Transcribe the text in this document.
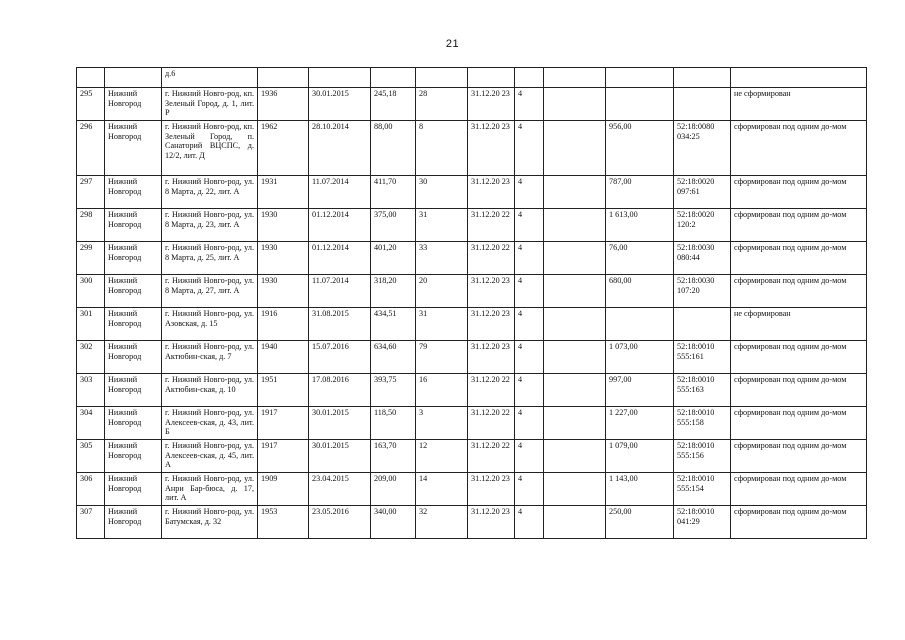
21
		д.6										
295	Нижний Новгород	г. Нижний Новго-род, кп. Зеленый Город, д. 1, лит. Р	1936	30.01.2015	245,18	28	31.12.20 23	4				не сформирован
296	Нижний Новгород	г. Нижний Новго-род, кп. Зеленый Город, п. Санаторий ВЦСПС, д. 12/2, лит. Д	1962	28.10.2014	88,00	8	31.12.20 23	4		956,00	52:18:0080 034:25	сформирован под одним до-мом
297	Нижний Новгород	г. Нижний Новго-род, ул. 8 Марта, д. 22, лит. А	1931	11.07.2014	411,70	30	31.12.20 23	4		787,00	52:18:0020 097:61	сформирован под одним до-мом
298	Нижний Новгород	г. Нижний Новго-род, ул. 8 Марта, д. 23, лит. А	1930	01.12.2014	375,00	31	31.12.20 22	4		1 613,00	52:18:0020 120:2	сформирован под одним до-мом
299	Нижний Новгород	г. Нижний Новго-род, ул. 8 Марта, д. 25, лит. А	1930	01.12.2014	401,20	33	31.12.20 22	4		76,00	52:18:0030 080:44	сформирован под одним до-мом
300	Нижний Новгород	г. Нижний Новго-род, ул. 8 Марта, д. 27, лит. А	1930	11.07.2014	318,20	20	31.12.20 23	4		680,00	52:18:0030 107:20	сформирован под одним до-мом
301	Нижний Новгород	г. Нижний Новго-род, ул. Азовская, д. 15	1916	31.08.2015	434,51	31	31.12.20 23	4				не сформирован
302	Нижний Новгород	г. Нижний Новго-род, ул. Актюбин-ская, д. 7	1940	15.07.2016	634,60	79	31.12.20 23	4		1 073,00	52:18:0010 555:161	сформирован под одним до-мом
303	Нижний Новгород	г. Нижний Новго-род, ул. Актюбин-ская, д. 10	1951	17.08.2016	393,75	16	31.12.20 22	4		997,00	52:18:0010 555:163	сформирован под одним до-мом
304	Нижний Новгород	г. Нижний Новго-род, ул. Алексеев-ская, д. 43, лит. Б	1917	30.01.2015	118,50	3	31.12.20 22	4		1 227,00	52:18:0010 555:158	сформирован под одним до-мом
305	Нижний Новгород	г. Нижний Новго-род, ул. Алексеев-ская, д. 45, лит. А	1917	30.01.2015	163,70	12	31.12.20 22	4		1 079,00	52:18:0010 555:156	сформирован под одним до-мом
306	Нижний Новгород	г. Нижний Новго-род, ул. Анри Бар-бюса, д. 17, лит. А	1909	23.04.2015	209,00	14	31.12.20 23	4		1 143,00	52:18:0010 555:154	сформирован под одним до-мом
307	Нижний Новгород	г. Нижний Новго-род, ул. Батумская, д. 32	1953	23.05.2016	340,00	32	31.12.20 23	4		250,00	52:18:0010 041:29	сформирован под одним до-мом
